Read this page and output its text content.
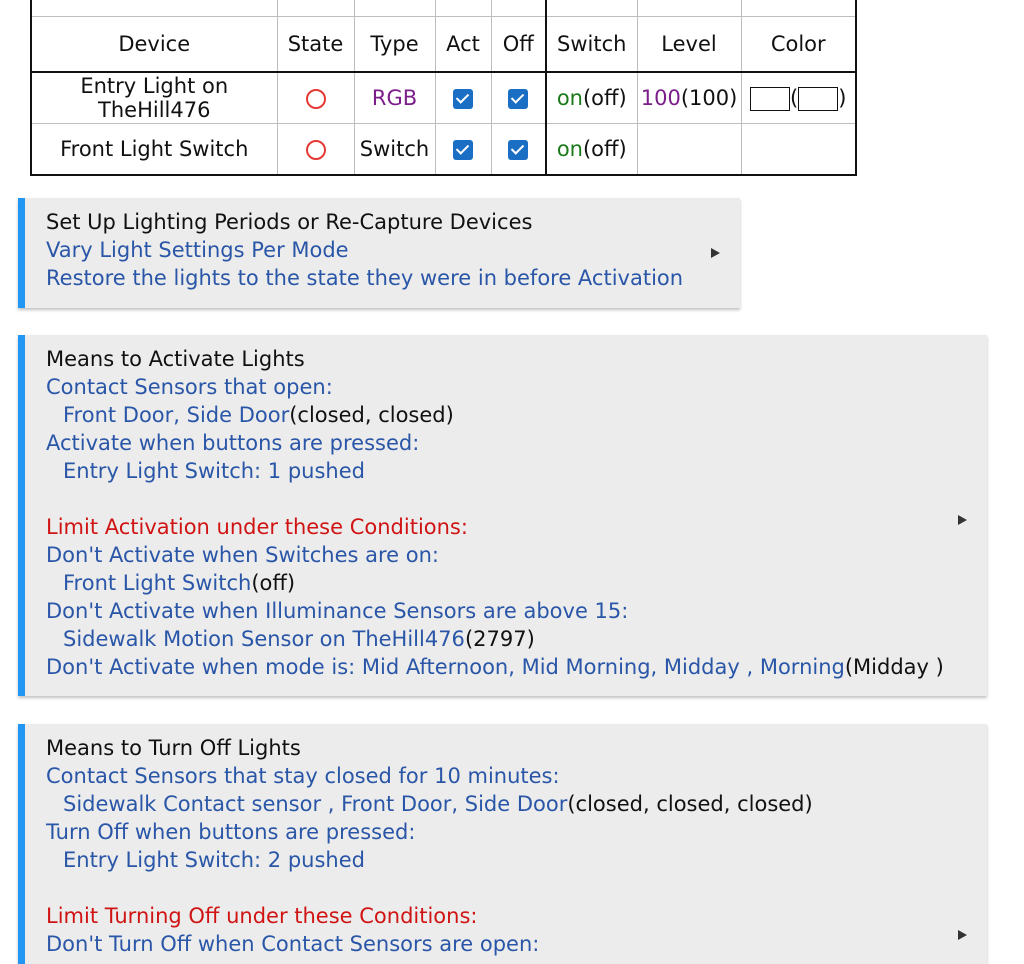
Device	State	Type	Act	Off	Switch	Level	Color
Entry Light on TheHill476		RGB			on(off)	100(100)	( )
Front Light Switch		Switch			on(off)		
Set Up Lighting Periods or Re-Capture Devices
Vary Light Settings Per Mode
Restore the lights to the state they were in before Activation
Means to Activate Lights
Contact Sensors that open:
Front Door, Side Door(closed, closed)
Activate when buttons are pressed:
Entry Light Switch: 1 pushed
Limit Activation under these Conditions:
Don't Activate when Switches are on:
Front Light Switch(off)
Don't Activate when Illuminance Sensors are above 15:
Sidewalk Motion Sensor on TheHill476(2797)
Don't Activate when mode is: Mid Afternoon, Mid Morning, Midday , Morning(Midday )
Means to Turn Off Lights
Contact Sensors that stay closed for 10 minutes:
Sidewalk Contact sensor , Front Door, Side Door(closed, closed, closed)
Turn Off when buttons are pressed:
Entry Light Switch: 2 pushed
Limit Turning Off under these Conditions:
Don't Turn Off when Contact Sensors are open:
